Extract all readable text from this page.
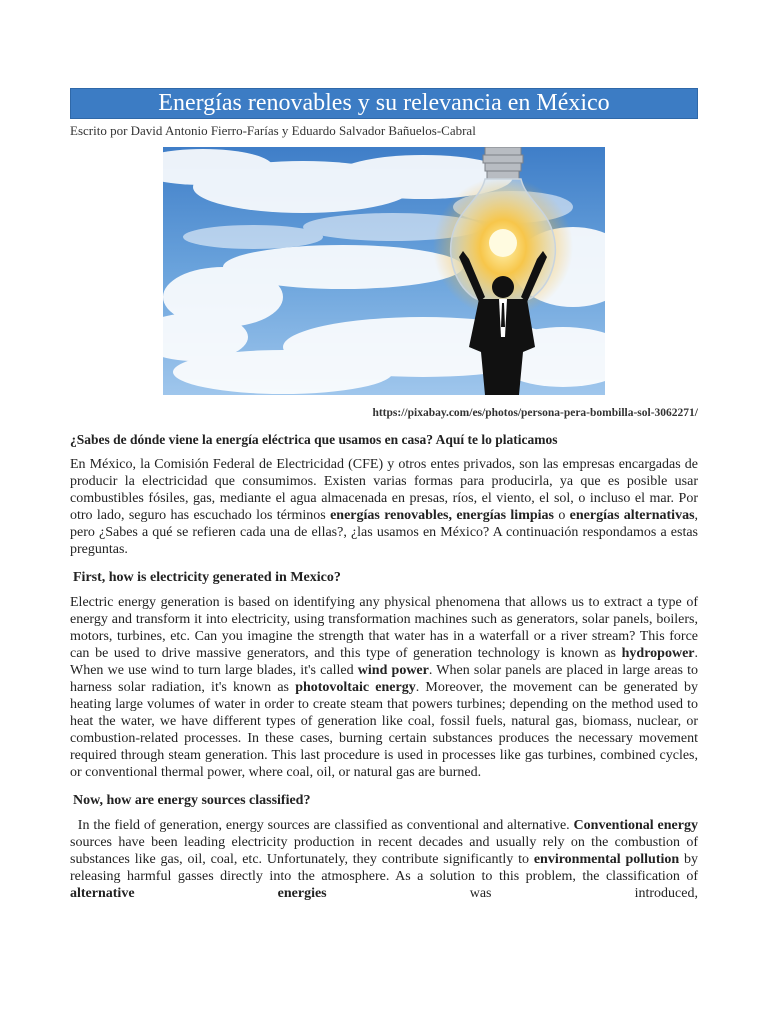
Energías renovables y su relevancia en México
Escrito por David Antonio Fierro-Farías y Eduardo Salvador Bañuelos-Cabral
https://pixabay.com/es/photos/persona-pera-bombilla-sol-3062271/
¿Sabes de dónde viene la energía eléctrica que usamos en casa? Aquí te lo platicamos

En México, la Comisión Federal de Electricidad (CFE) y otros entes privados, son las empresas encargadas de producir la electricidad que consumimos. Existen varias formas para producirla, ya que es posible usar combustibles fósiles, gas, mediante el agua almacenada en presas, ríos, el viento, el sol, o incluso el mar. Por otro lado, seguro has escuchado los términos energías renovables, energías limpias o energías alternativas, pero ¿Sabes a qué se refieren cada una de ellas?, ¿las usamos en México? A continuación respondamos a estas preguntas.

First, how is electricity generated in Mexico?

Electric energy generation is based on identifying any physical phenomena that allows us to extract a type of energy and transform it into electricity, using transformation machines such as generators, solar panels, boilers, motors, turbines, etc. Can you imagine the strength that water has in a waterfall or a river stream? This force can be used to drive massive generators, and this type of generation technology is known as hydropower. When we use wind to turn large blades, it's called wind power. When solar panels are placed in large areas to harness solar radiation, it's known as photovoltaic energy. Moreover, the movement can be generated by heating large volumes of water in order to create steam that powers turbines; depending on the method used to heat the water, we have different types of generation like coal, fossil fuels, natural gas, biomass, nuclear, or combustion-related processes. In these cases, burning certain substances produces the necessary movement required through steam generation. This last procedure is used in processes like gas turbines, combined cycles, or conventional thermal power, where coal, oil, or natural gas are burned.

Now, how are energy sources classified?

In the field of generation, energy sources are classified as conventional and alternative. Conventional energy sources have been leading electricity production in recent decades and usually rely on the combustion of substances like gas, oil, coal, etc. Unfortunately, they contribute significantly to environmental pollution by releasing harmful gasses directly into the atmosphere. As a solution to this problem, the classification of alternative energies was introduced,
